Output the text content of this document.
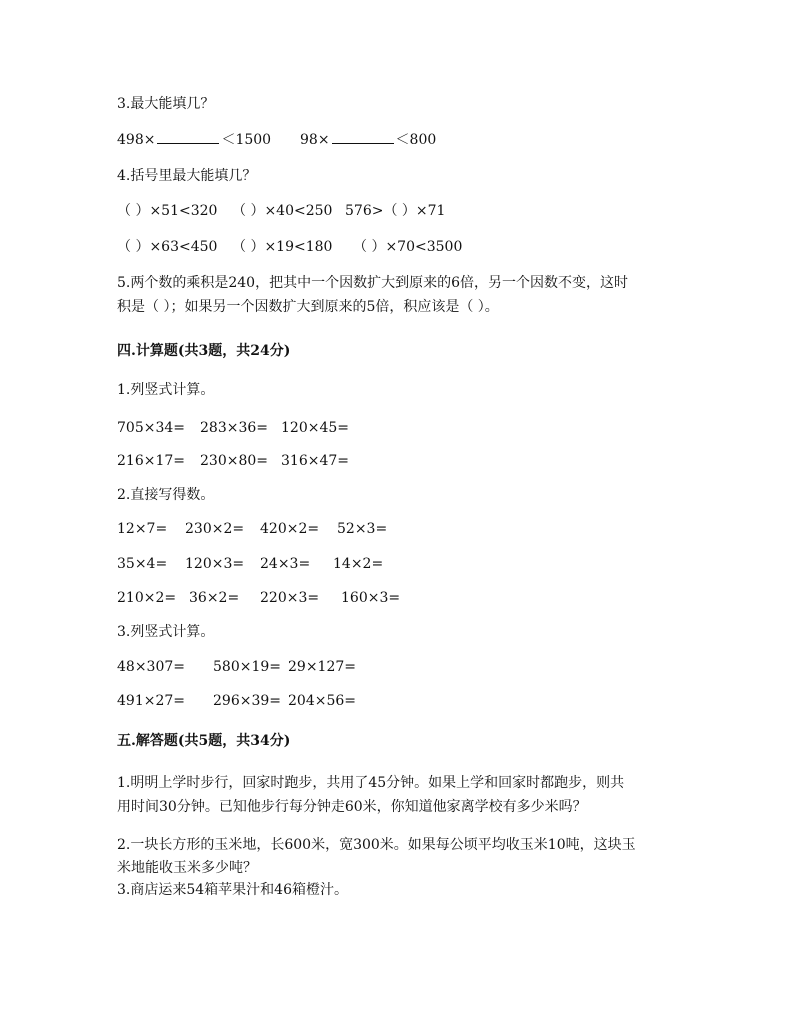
3.最大能填几？
498×	＜1500 98×	＜800
4.括号里最大能填几？
（ ）×51<320 （ ）×40<250 576>（ ）×71
（ ）×63<450 （ ）×19<180 （ ）×70<3500
5.两个数的乘积是240，把其中一个因数扩大到原来的6倍，另一个因数不变，这时
积是（ ）；如果另一个因数扩大到原来的5倍，积应该是（ ）。
四.计算题(共3题，共24分)
1.列竖式计算。
705×34= 283×36= 120×45=
216×17= 230×80= 316×47=
2.直接写得数。
12×7= 230×2= 420×2= 52×3=
35×4= 120×3= 24×3= 14×2=
210×2= 36×2= 220×3= 160×3=
3.列竖式计算。
48×307= 580×19= 29×127=
491×27= 296×39= 204×56=
五.解答题(共5题，共34分)
1.明明上学时步行，回家时跑步，共用了45分钟。如果上学和回家时都跑步，则共
用时间30分钟。已知他步行每分钟走60米，你知道他家离学校有多少米吗？
2.一块长方形的玉米地，长600米，宽300米。如果每公顷平均收玉米10吨，这块玉
米地能收玉米多少吨？
3.商店运来54箱苹果汁和46箱橙汁。
